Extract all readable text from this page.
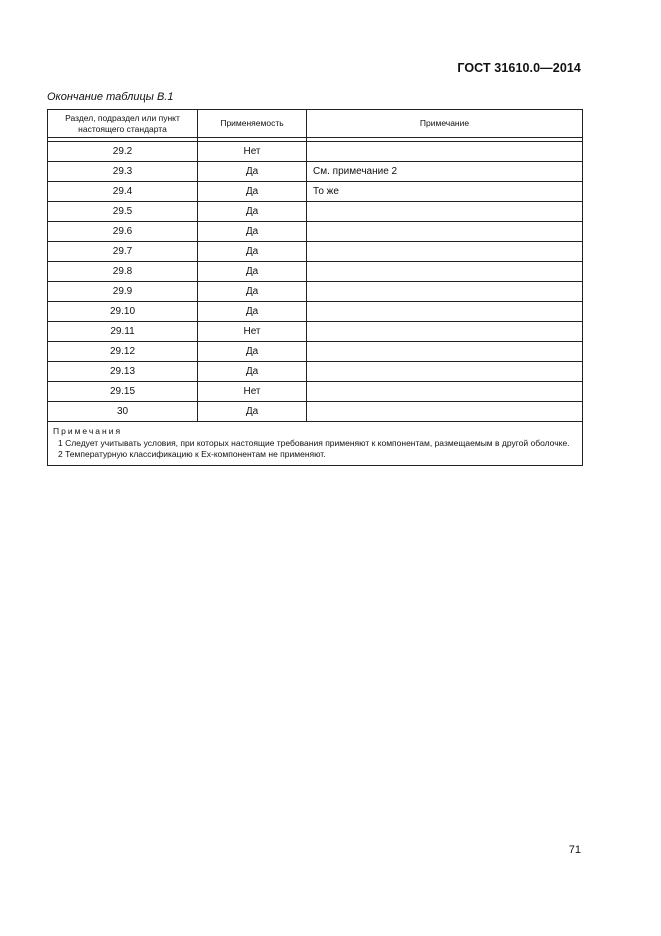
ГОСТ 31610.0—2014
Окончание таблицы В.1
Раздел, подраздел или пункт настоящего стандарта	Применяемость	Примечание

29.2	Нет	
29.3	Да	См. примечание 2
29.4	Да	То же
29.5	Да	
29.6	Да	
29.7	Да	
29.8	Да	
29.9	Да	
29.10	Да	
29.11	Нет	
29.12	Да	
29.13	Да	
29.15	Нет	
30	Да	

Примечания
1 Следует учитывать условия, при которых настоящие требования применяют к компонентам, размещаемым в другой оболочке.
2 Температурную классификацию к Ex-компонентам не применяют.		
71
